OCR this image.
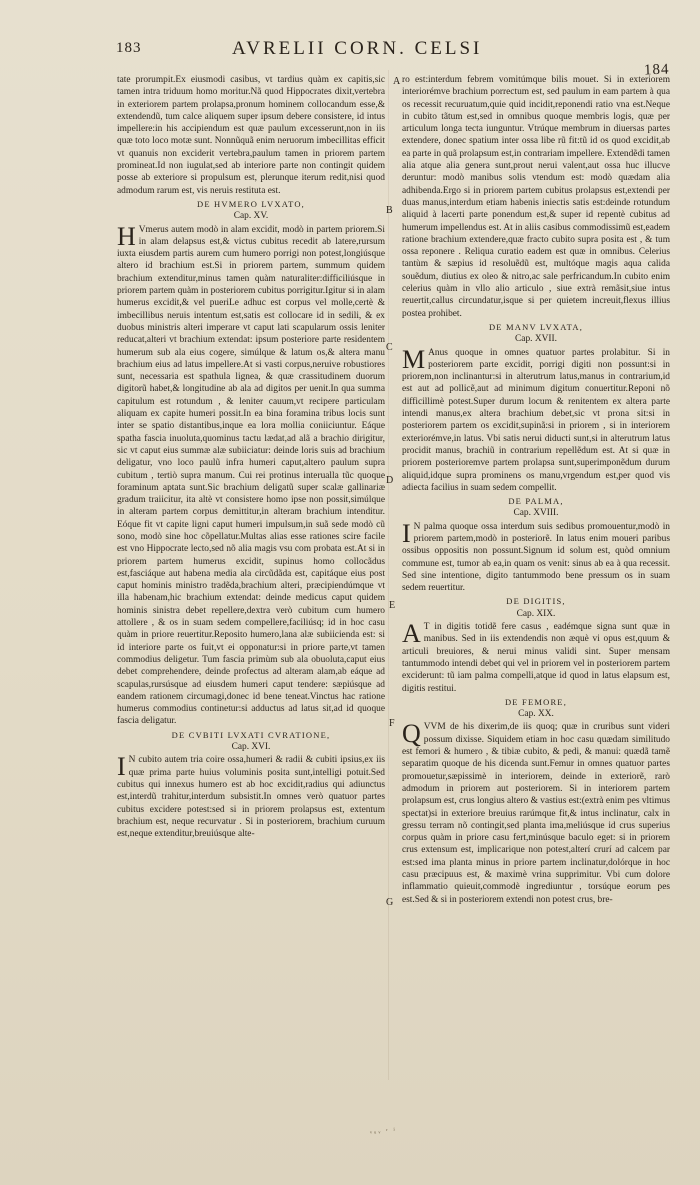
183	AVRELII CORN. CELSI
184

tate prorumpit.Ex eiusmodi casibus, vt tardius quàm ex capitis,sic tamen intra triduum homo moritur.Nã quod Hippocrates dixit,vertebra in exteriorem partem prolapsa,pronum hominem collocandum esse,& extendendũ, tum calce aliquem super ipsum debere consistere, id intus impellere:in his accipiendum est quæ paulum excesserunt,non in iis quæ toto loco motæ sunt. Nonnũquã enim neruorum imbecillitas efficit vt quanuis non exciderit vertebra,paulum tamen in priorem partem promineat.Id non iugulat,sed ab interiore parte non contingit quidem posse ab exteriore si propulsum est, plerunque iterum redit,nisi quod admodum rarum est, vis neruis restituta est.

DE HVMERO LVXATO,
Cap. XV.

H Vmerus autem modò in alam excidit, modò in partem priorem.Si in alam delapsus est,& victus cubitus recedit ab latere,rursum iuxta eiusdem partis aurem cum humero porrigi non potest,longiúsque altero id brachium est.Si in priorem partem, summum quidem brachium extenditur,minus tamen quàm naturaliter:difficiliúsque in priorem partem quàm in posteriorem cubitus porrigitur.Igitur si in alam humerus excidit,& vel pueriLe adhuc est corpus vel molle,certè & imbecillibus neruis intentum est,satis est collocare id in sedili, & ex duobus ministris alteri imperare vt caput lati scapularum ossis leniter reducat,alteri vt brachium extendat: ipsum posteriore parte residentem humerum sub ala eius cogere, simúlque & latum os,& altera manu brachium eius ad latus impellere.At si vasti corpus,neruive robustiores sunt, necessaria est spathula lignea, & quæ crassitudinem duorum digitorũ habet,& longitudine ab ala ad digitos per uenit.In qua summa capitulum est rotundum , & leniter cauum,vt recipere particulam aliquam ex capite humeri possit.In ea bina foramina tribus locis sunt inter se spatio distantibus,inque ea lora mollia coniiciuntur. Eáque spatha fascia inuoluta,quominus tactu lædat,ad alã a brachio dirigitur, sic vt caput eius summæ alæ subiiciatur: deinde loris suis ad brachium deligatur, vno loco paulũ infra humeri caput,altero paulum supra cubitum , tertiò supra manum. Cui rei protinus interualla tũc quoque foraminum aptata sunt.Sic brachium deligatũ super scalæ gallinariæ gradum traiicitur, ita altè vt consistere homo ipse non possit,simúlque in alteram partem corpus demittitur,in alteram brachium intenditur. Eóque fit vt capite ligni caput humeri impulsum,in suã sede modò cũ sono, modò sine hoc cõpellatur.Multas alias esse rationes scire facile est vno Hippocrate lecto,sed nõ alia magis vsu com probata est.At si in priorem partem humerus excidit, supinus homo collocãdus est,fasciáque aut habena media ala circũdãda est, capitáque eius post caput hominis ministro tradẽda,brachium alteri, præcipiendúmque vt illa habenam,hic brachium extendat: deinde medicus caput quidem hominis sinistra debet repellere,dextra verò cubitum cum humero attollere , & os in suam sedem compellere,faciliúsq; id in hoc casu quàm in priore reuertitur.Reposito humero,lana alæ subiicienda est: si id interiore parte os fuit,vt ei opponatur:si in priore parte,vt tamen commodius deligetur. Tum fascia primùm sub ala obuoluta,caput eius debet comprehendere, deinde profectus ad alteram alam,ab eáque ad scapulas,rursúsque ad eiusdem humeri caput tendere: sæpiúsque ad eandem rationem circumagi,donec id bene teneat.Vinctus hac ratione humerus commodius continetur:si adductus ad latus sit,ad id quoque fascia deligatur.

DE CVBITI LVXATI CVRATIONE,
Cap. XVI.

I N cubito autem tria coire ossa,humeri & radii & cubiti ipsius,ex iis quæ prima parte huius voluminis posita sunt,intelligi potuit.Sed cubitus qui innexus humero est ab hoc excidit,radius qui adiunctus est,interdũ trahitur,interdum subsistit.In omnes verò quatuor partes cubitus excidere potest:sed si in priorem prolapsus est, extentum brachium est, neque recurvatur . Si in posteriorem, brachium curuum est,neque extenditur,breuiúsque alte-

ro est:interdum febrem vomitúmque bilis mouet. Si in exteriorem interiorémve brachium porrectum est, sed paulum in eam partem à qua os recessit recuruatum,quie quid incidit,reponendi ratio vna est.Neque in cubito tãtum est,sed in omnibus quoque membris logis, quæ per articulum longa tecta iunguntur. Vtrúque membrum in diuersas partes extendere, donec spatium inter ossa libe rũ fit:tũ id os quod excidit,ab ea parte in quã prolapsum est,in contrariam impellere. Extendẽdi tamen alia atque alia genera sunt,prout nerui valent,aut ossa huc illucve deruntur: modò manibus solis vtendum est: modò quædam alia adhibenda.Ergo si in priorem partem cubitus prolapsus est,extendi per duas manus,interdum etiam habenis iniectis satis est:deinde rotundum aliquid à lacerti parte ponendum est,& super id repentè cubitus ad humerum impellendus est. At in aliis casibus commodissimũ est,eadem ratione brachium extendere,quæ fracto cubito supra posita est , & tum ossa reponere . Reliqua curatio eadem est quæ in omnibus. Celerius tantùm & sæpius id resoluẽdũ est, multóque magis aqua calida souẽdum, diutius ex oleo & nitro,ac sale perfricandum.In cubito enim celerius quàm in vllo alio articulo , siue extrà remãsit,siue intus reuertit,callus circundatur,isque si per quietem increuit,flexus illius postea prohibet.

DE MANV LVXATA,
Cap. XVII.

M Anus quoque in omnes quatuor partes prolabitur. Si in posteriorem parte excidit, porrigi digiti non possunt:si in priorem,non inclinantur:si in alterutrum latus,manus in contrarium,id est aut ad pollicẽ,aut ad minimum digitum conuertitur.Reponi nõ difficillimè potest.Super durum locum & renitentem ex altera parte intendi manus,ex altera brachium debet,sic vt prona sit:si in posteriorem partem os excidit,supinã:si in priorem , si in interiorem exteriorémve,in latus. Vbi satis nerui diducti sunt,si in alterutrum latus procidit manus, brachiũ in contrarium repellẽdum est. At si quæ in priorem posterioremve partem prolapsa sunt,superimponẽdum durum aliquid,idque supra prominens os manu,vrgendum est,per quod vis adiecta facilius in suam sedem compellit.

DE PALMA,
Cap. XVIII.

I N palma quoque ossa interdum suis sedibus promouentur,modò in priorem partem,modò in posteriorẽ. In latus enim moueri paribus ossibus oppositis non possunt.Signum id solum est, quòd omnium commune est, tumor ab ea,in quam os venit: sinus ab ea à qua recessit. Sed sine intentione, digito tantummodo bene pressum os in suam sedem reuertitur.

DE DIGITIS,
Cap. XIX.

A T in digitis totidẽ fere casus , eadémque signa sunt quæ in manibus. Sed in iis extendendis non æquè vi opus est,quum & articuli breuiores, & nerui minus validi sint. Super mensam tantummodo intendi debet qui vel in priorem vel in posteriorem partem exciderunt: tũ iam palma compelli,atque id quod in latus elapsum est, digitis restitui.

DE FEMORE,
Cap. XX.

QVVM de his dixerim,de iis quoq; quæ in cruribus sunt videri possum dixisse. Siquidem etiam in hoc casu quædam similitudo est femori & humero , & tibiæ cubito, & pedi, & manui: quædã tamẽ separatim quoque de his dicenda sunt.Femur in omnes quatuor partes promouetur,sæpissimè in interiorem, deinde in exteriorẽ, rarò admodum in priorem aut posteriorem. Si in interiorem partem prolapsum est, crus longius altero & vastius est:(extrà enim pes vltimus spectat)si in exteriore breuius rarúmque fit,& intus inclinatur, calx in gressu terram nõ contingit,sed planta ima,meliúsque id crus superius corpus quàm in priore casu fert,minúsque baculo eget: si in priorem crus extensum est, implicarique non potest,alterí crurí ad calcem par est:sed ima planta minus in priore partem inclinatur,dolórque in hoc casu præcipuus est, & maximè vrina supprimitur. Vbi cum dolore inflammatio quieuit,commodè ingrediuntur , torsúque eorum pes est.Sed & si in posteriorem extendi non potest crus, bre-

A
B
C
D
E
F
G
ᵥᵤᵥ ʳ ⁱ
